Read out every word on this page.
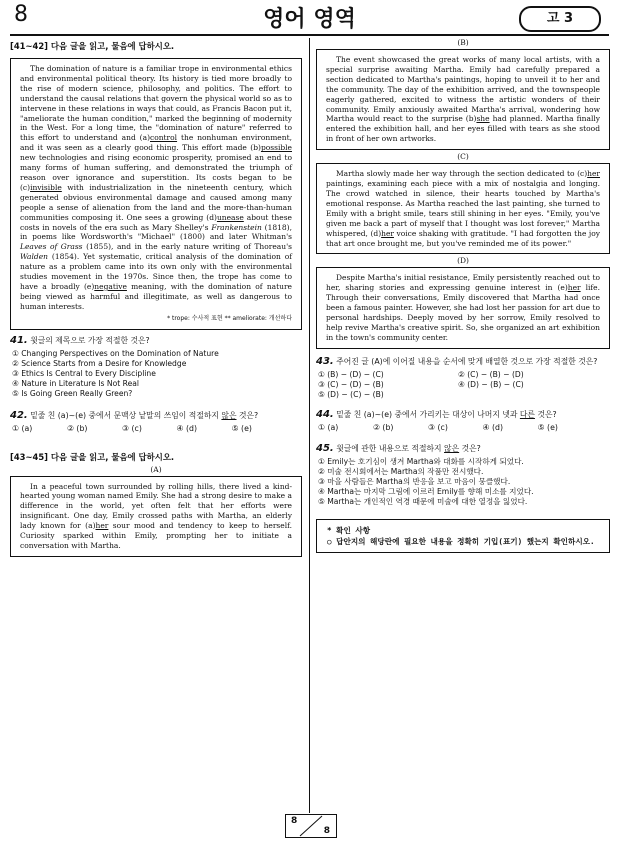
8	영어 영역	고 3
[41~42] 다음 글을 읽고, 물음에 답하시오.

The domination of nature is a familiar trope in environmental ethics and environmental political theory. Its history is tied more broadly to the rise of modern science, philosophy, and politics. The effort to understand the causal relations that govern the physical world so as to intervene in these relations in ways that could, as Francis Bacon put it, "ameliorate the human condition," marked the beginning of modernity in the West. For a long time, the "domination of nature" referred to this effort to understand and (a)control the nonhuman environment, and it was seen as a clearly good thing. This effort made (b)possible new technologies and rising economic prosperity, promised an end to many forms of human suffering, and demonstrated the triumph of reason over ignorance and superstition. Its costs began to be (c)invisible with industrialization in the nineteenth century, which generated obvious environmental damage and caused among many people a sense of alienation from the land and the more-than-human communities composing it. One sees a growing (d)unease about these costs in novels of the era such as Mary Shelley's Frankenstein (1818), in poems like Wordsworth's "Michael" (1800) and later Whitman's Leaves of Grass (1855), and in the early nature writing of Thoreau's Walden (1854). Yet systematic, critical analysis of the domination of nature as a problem came into its own only with the environmental studies movement in the 1970s. Since then, the trope has come to have a broadly (e)negative meaning, with the domination of nature being viewed as harmful and illegitimate, as well as dangerous to human interests.

* trope: 수사적 표현 ** ameliorate: 개선하다
41. 윗글의 제목으로 가장 적절한 것은?
① Changing Perspectives on the Domination of Nature
② Science Starts from a Desire for Knowledge
③ Ethics Is Central to Every Discipline
④ Nature in Literature Is Not Real
⑤ Is Going Green Really Green?
42. 밑줄 친 (a)~(e) 중에서 문맥상 낱말의 쓰임이 적절하지 않은 것은?
① (a)	② (b)	③ (c)	④ (d)	⑤ (e)
[43~45] 다음 글을 읽고, 물음에 답하시오.
(A)

In a peaceful town surrounded by rolling hills, there lived a kind-hearted young woman named Emily. She had a strong desire to make a difference in the world, yet often felt that her efforts were insignificant. One day, Emily crossed paths with Martha, an elderly lady known for (a)her sour mood and tendency to keep to herself. Curiosity sparked within Emily, prompting her to initiate a conversation with Martha.

(B)

The event showcased the great works of many local artists, with a special surprise awaiting Martha. Emily had carefully prepared a section dedicated to Martha's paintings, hoping to unveil it to her and the community. The day of the exhibition arrived, and the townspeople eagerly gathered, excited to witness the artistic wonders of their community. Emily anxiously awaited Martha's arrival, wondering how Martha would react to the surprise (b)she had planned. Martha finally entered the exhibition hall, and her eyes filled with tears as she stood in front of her own artworks.

(C)

Martha slowly made her way through the section dedicated to (c)her paintings, examining each piece with a mix of nostalgia and longing. The crowd watched in silence, their hearts touched by Martha's emotional response. As Martha reached the last painting, she turned to Emily with a bright smile, tears still shining in her eyes. "Emily, you've given me back a part of myself that I thought was lost forever," Martha whispered, (d)her voice shaking with gratitude. "I had forgotten the joy that art once brought me, but you've reminded me of its power."

(D)

Despite Martha's initial resistance, Emily persistently reached out to her, sharing stories and expressing genuine interest in (e)her life. Through their conversations, Emily discovered that Martha had once been a famous painter. However, she had lost her passion for art due to personal hardships. Deeply moved by her sorrow, Emily resolved to help revive Martha's creative spirit. So, she organized an art exhibition in the town's community center.

43. 주어진 글 (A)에 이어질 내용을 순서에 맞게 배열한 것으로 가장 적절한 것은?
① (B) − (D) − (C)	② (C) − (B) − (D)
③ (C) − (D) − (B)	④ (D) − (B) − (C)
⑤ (D) − (C) − (B)
44. 밑줄 친 (a)~(e) 중에서 가리키는 대상이 나머지 넷과 다른 것은?
① (a)	② (b)	③ (c)	④ (d)	⑤ (e)
45. 윗글에 관한 내용으로 적절하지 않은 것은?
① Emily는 호기심이 생겨 Martha와 대화를 시작하게 되었다.
② 미술 전시회에서는 Martha의 작품만 전시했다.
③ 마을 사람들은 Martha의 반응을 보고 마음이 뭉클했다.
④ Martha는 마지막 그림에 이르러 Emily를 향해 미소를 지었다.
⑤ Martha는 개인적인 역경 때문에 미술에 대한 열정을 잃었다.
* 확인 사항
○ 답안지의 해당란에 필요한 내용을 정확히 기입(표기) 했는지 확인하시오.
8
8
